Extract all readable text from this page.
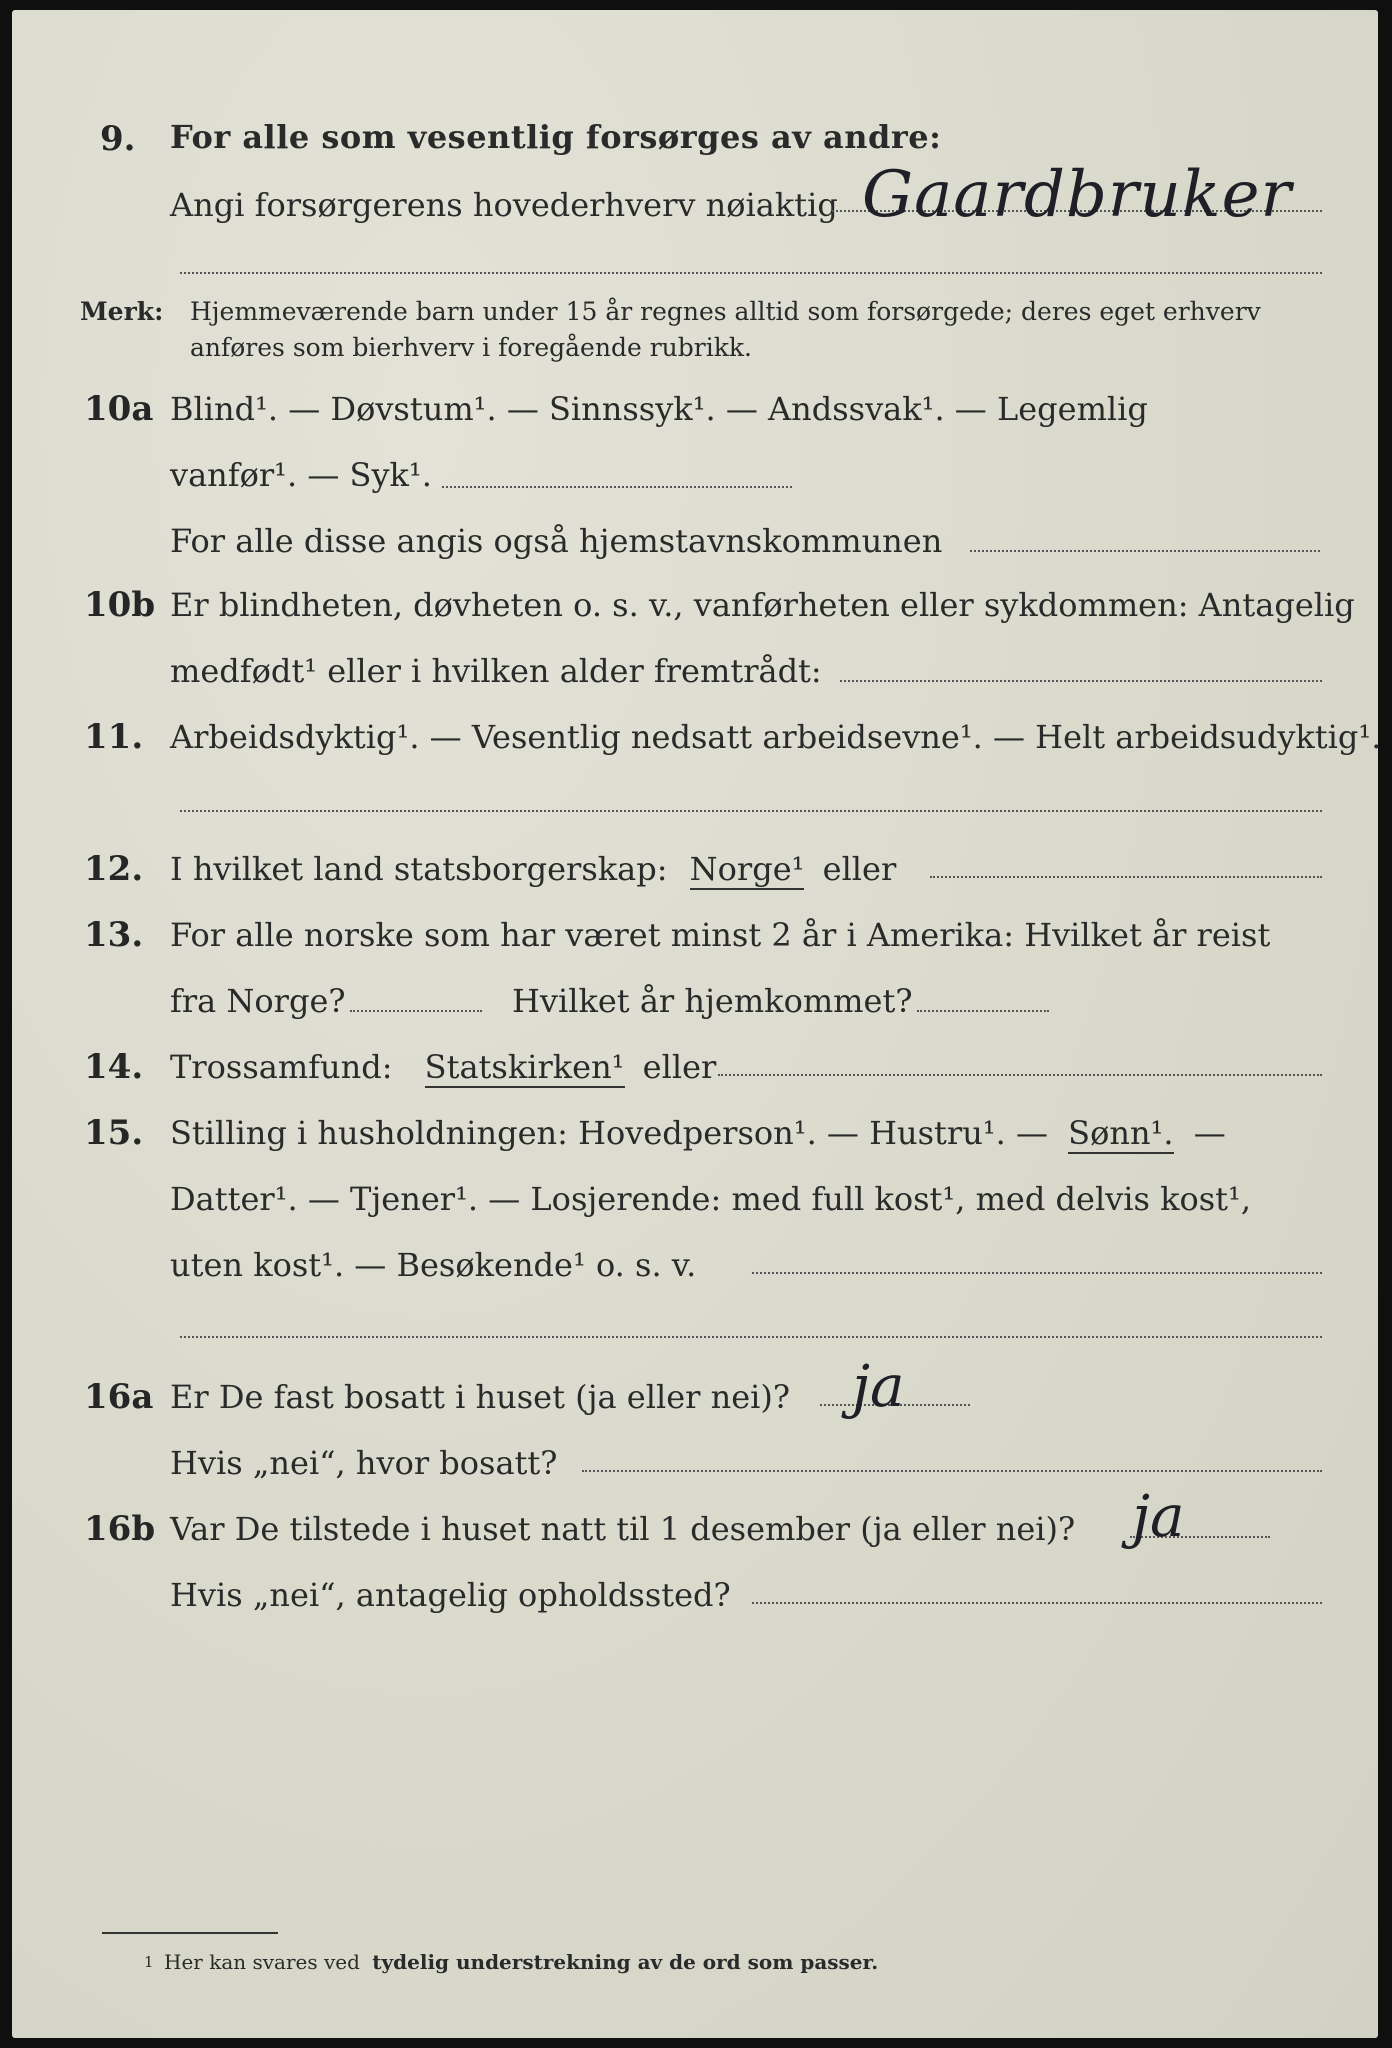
9. For alle som vesentlig forsørges av andre:
Angi forsørgerens hovederhverv nøiaktig Gaardbruker
Merk: Hjemmeværende barn under 15 år regnes alltid som forsørgede; deres eget erhverv
anføres som bierhverv i foregående rubrikk.
10a Blind¹. — Døvstum¹. — Sinnssyk¹. — Andssvak¹. — Legemlig
vanfør¹. — Syk¹.
For alle disse angis også hjemstavnskommunen
10b Er blindheten, døvheten o. s. v., vanførheten eller sykdommen: Antagelig
medfødt¹ eller i hvilken alder fremtrådt:
11. Arbeidsdyktig¹. — Vesentlig nedsatt arbeidsevne¹. — Helt arbeidsudyktig¹.
12. I hvilket land statsborgerskap: Norge¹ eller
13. For alle norske som har været minst 2 år i Amerika: Hvilket år reist
fra Norge?	Hvilket år hjemkommet?
14. Trossamfund: Statskirken¹ eller
15. Stilling i husholdningen: Hovedperson¹. — Hustru¹. — Sønn¹. —
Datter¹. — Tjener¹. — Losjerende: med full kost¹, med delvis kost¹,
uten kost¹. — Besøkende¹ o. s. v.
16a Er De fast bosatt i huset (ja eller nei)? ja
Hvis „nei“, hvor bosatt?
16b Var De tilstede i huset natt til 1 desember (ja eller nei)? ja
Hvis „nei“, antagelig opholdssted?
1 Her kan svares ved tydelig understrekning av de ord som passer.
